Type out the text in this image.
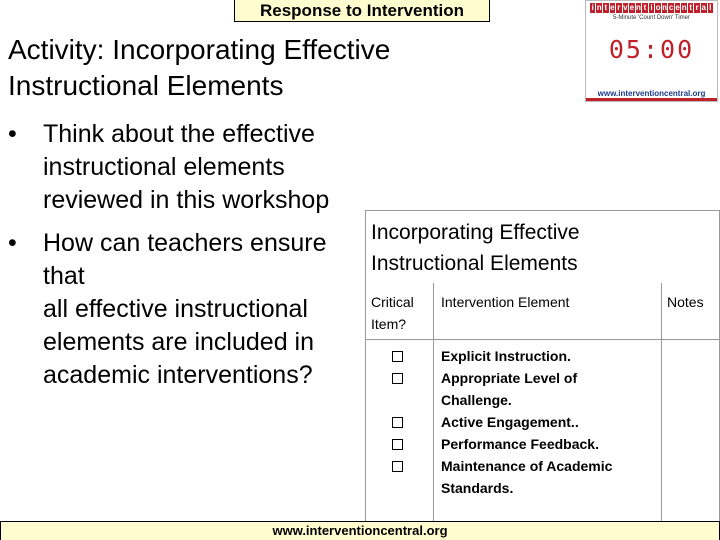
Response to Intervention	i n t e r v e n t i o n c e n t r a l
5-Minute 'Count Down' Timer
05:00
www.interventioncentral.org
Activity: Incorporating Effective
Instructional Elements
• Think about the effective
instructional elements
reviewed in this workshop
• How can teachers ensure
that
all effective instructional
elements are included in
academic interventions?
Incorporating Effective
Instructional Elements
Critical
Item?
Intervention Element	Notes
Explicit Instruction.
Appropriate Level of
Challenge.
Active Engagement..
Performance Feedback.
Maintenance of Academic
Standards.
www.interventioncentral.org
